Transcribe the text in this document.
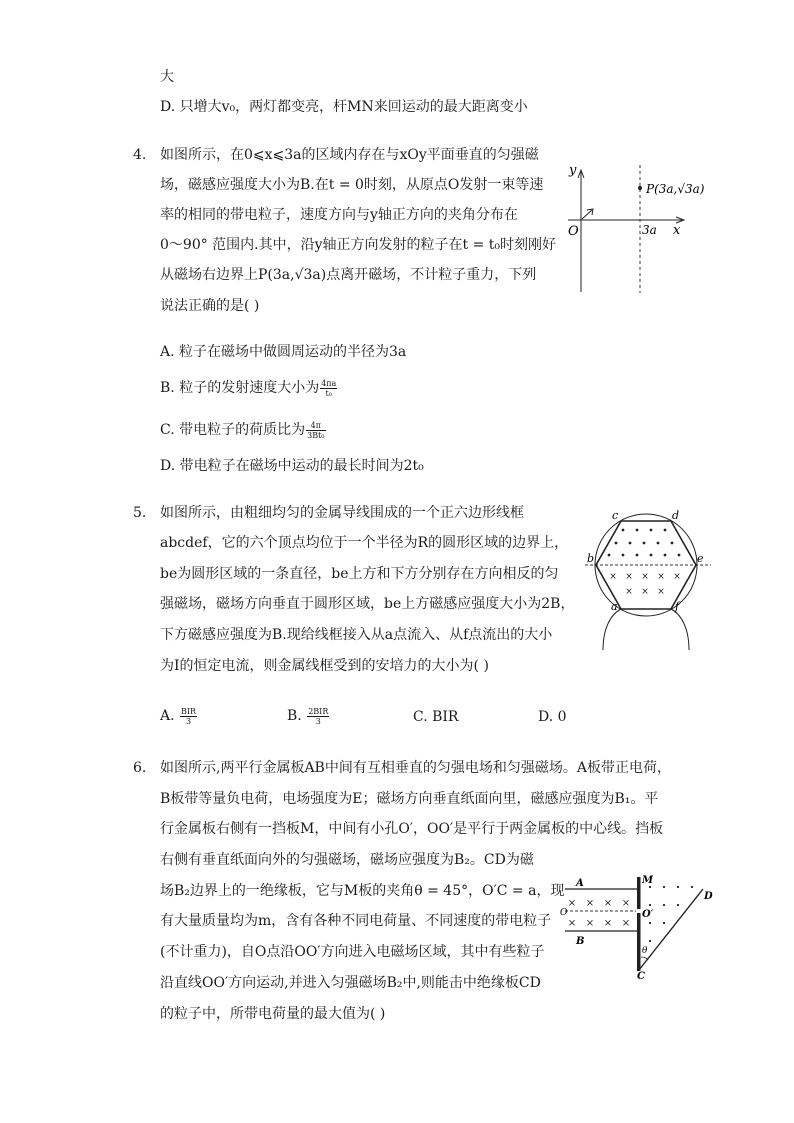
大
D. 只增大v₀，两灯都变亮，杆MN来回运动的最大距离变小
4. 如图所示，在0⩽x⩽3a的区域内存在与xOy平面垂直的匀强磁
场，磁感应强度大小为B.在t = 0时刻，从原点O发射一束等速
率的相同的带电粒子，速度方向与y轴正方向的夹角分布在
0～90° 范围内.其中，沿y轴正方向发射的粒子在t = t₀时刻刚好
从磁场右边界上P(3a,√3a)点离开磁场，不计粒子重力，下列
说法正确的是( )
A. 粒子在磁场中做圆周运动的半径为3a
B. 粒子的发射速度大小为 $\frac{4\pi a}{\text{t₀}}$
C. 带电粒子的荷质比为 $\frac{4\pi}{\text{3Bt₀}}$
D. 带电粒子在磁场中运动的最长时间为2t₀
y
x
O	3a
P(3a,√3a)
5. 如图所示，由粗细均匀的金属导线围成的一个正六边形线框
abcdef，它的六个顶点均位于一个半径为R的圆形区域的边界上，
be为圆形区域的一条直径，be上方和下方分别存在方向相反的匀
强磁场，磁场方向垂直于圆形区域，be上方磁感应强度大小为2B，
下方磁感应强度为B.现给线框接入从a点流入、从f点流出的大小
为I的恒定电流，则金属线框受到的安培力的大小为( )
A. $\frac{\text{BIR}}{3}$	B. $\frac{\text{2BIR}}{3}$	C. BIR	D. 0
× × × × ×
× × ×
c	d
b	e
a	f
6. 如图所示,两平行金属板AB中间有互相垂直的匀强电场和匀强磁场。A板带正电荷，
B板带等量负电荷，电场强度为E；磁场方向垂直纸面向里，磁感应强度为B₁。平
行金属板右侧有一挡板M，中间有小孔O′，OO′是平行于两金属板的中心线。挡板
右侧有垂直纸面向外的匀强磁场，磁场应强度为B₂。CD为磁
场B₂边界上的一绝缘板，它与M板的夹角θ = 45°，O′C = a，现
有大量质量均为m，含有各种不同电荷量、不同速度的带电粒子
(不计重力)，自O点沿OO′方向进入电磁场区域，其中有些粒子
沿直线OO′方向运动,并进入匀强磁场B₂中,则能击中绝缘板CD
的粒子中，所带电荷量的最大值为( )
× × × ×
× × × ×
A
B
O
M
O′
θ
C
D
